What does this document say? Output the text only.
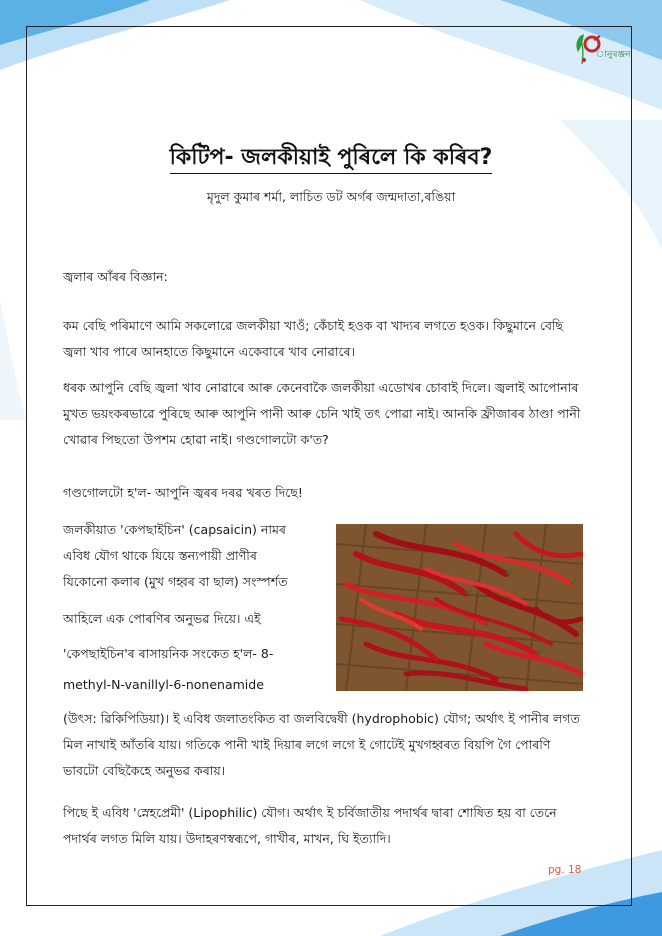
ানুৰঞ্জন
কিটিপ- জলকীয়াই পুৰিলে কি কৰিব?
মৃদুল কুমাৰ শৰ্মা, লাচিত ডট অৰ্গৰ জন্মদাতা,ৰঙিয়া

জ্বলাৰ আঁৰৰ বিজ্ঞান:

কম বেছি পৰিমাণে আমি সকলোৱে জলকীয়া খাওঁ; কেঁচাই হওক বা খাদ্যৰ লগতে হওক। কিছুমানে বেছি জ্বলা খাব পাৰে আনহাতে কিছুমানে একেবাৰে খাব নোৱাৰে।

ধৰক আপুনি বেছি জ্বলা খাব নোৱাৰে আৰু কেনেবাকৈ জলকীয়া এডোখৰ চোবাই দিলে। জ্বলাই আপোনাৰ মুখত ভয়ংকৰভাৱে পুৰিছে আৰু আপুনি পানী আৰু চেনি খাই তৎ পোৱা নাই। আনকি ফ্ৰীজাৰৰ ঠাণ্ডা পানী খোৱাৰ পিছতো উপশম হোৱা নাই। গণ্ডগোলটো ক'ত?

গণ্ডগোলটো হ'ল- আপুনি জ্বৰৰ দৰৱ খৰত দিছে!

জলকীয়াত 'কেপছাইচিন' (capsaicin) নামৰ

এবিধ যৌগ থাকে যিয়ে স্তন্যপায়ী প্ৰাণীৰ

যিকোনো কলাৰ (মুখ গহ্বৰ বা ছাল) সংস্পৰ্শত

আহিলে এক পোৰণিৰ অনুভৱ দিয়ে। এই

'কেপছাইচিন'ৰ ৰাসায়নিক সংকেত হ'ল- 8-

methyl-N-vanillyl-6-nonenamide

(উৎস: ৱিকিপিডিয়া)। ই এবিধ জলাতংকিত বা জলবিদ্বেষী (hydrophobic) যৌগ; অৰ্থাৎ ই পানীৰ লগত মিল নাখাই আঁতৰি যায়। গতিকে পানী খাই দিয়াৰ লগে লগে ই গোটেই মুখগহ্বৰত বিয়পি গৈ পোৰণি ভাবটো বেছিকৈহে অনুভৱ কৰায়।

পিছে ই এবিধ 'স্নেহপ্ৰেমী' (Lipophilic) যৌগ। অৰ্থাৎ ই চৰ্বিজাতীয় পদাৰ্থৰ দ্বাৰা শোষিত হয় বা তেনে পদাৰ্থৰ লগত মিলি যায়। উদাহৰণস্বৰূপে, গাখীৰ, মাখন, ঘি ইত্যাদি।

pg. 18
